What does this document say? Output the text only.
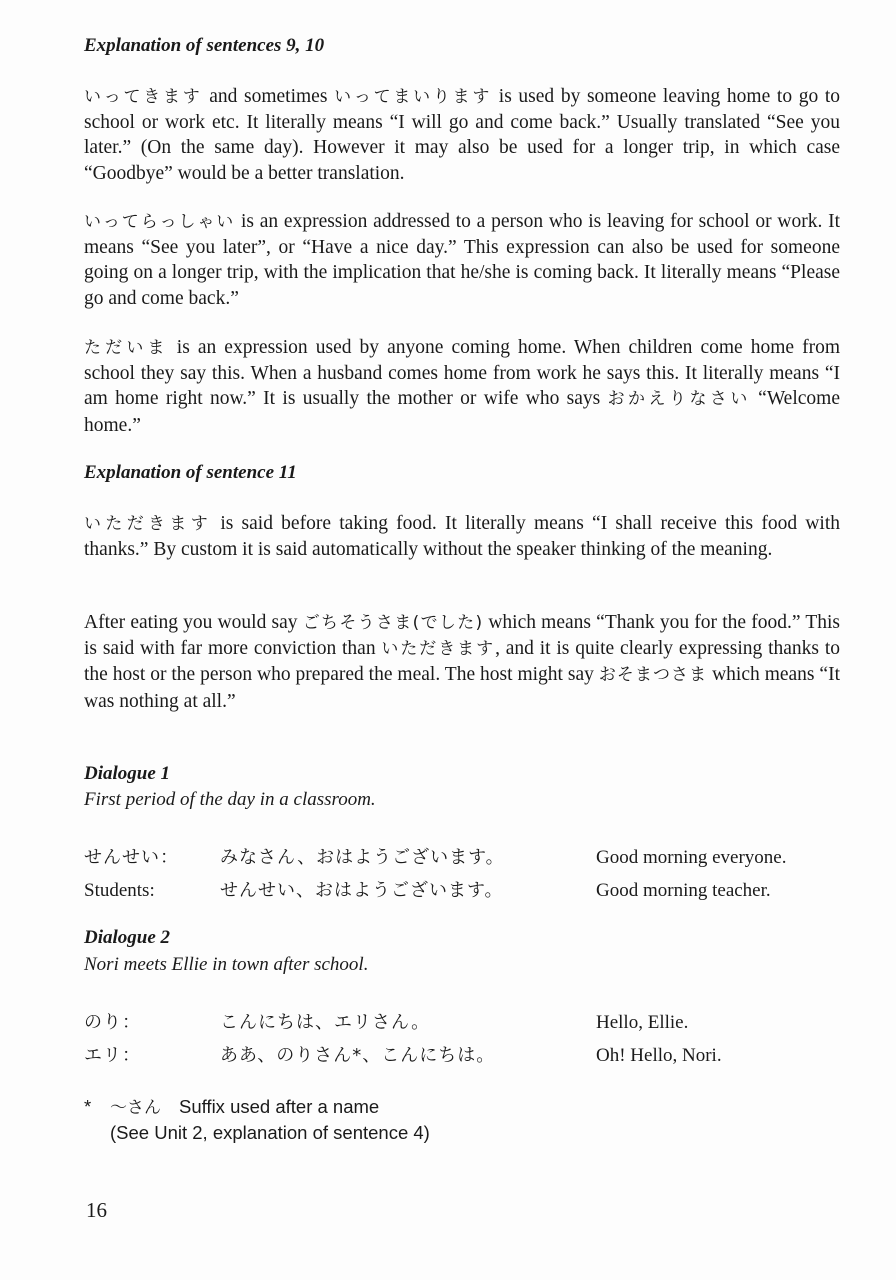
Explanation of sentences 9, 10
いってきます and sometimes いってまいります is used by someone leaving home to go to school or work etc. It literally means “I will go and come back.” Usually translated “See you later.” (On the same day). However it may also be used for a longer trip, in which case “Goodbye” would be a better translation.
いってらっしゃい is an expression addressed to a person who is leaving for school or work. It means “See you later”, or “Have a nice day.” This expression can also be used for someone going on a longer trip, with the implication that he/she is coming back. It literally means “Please go and come back.”
ただいま is an expression used by anyone coming home. When children come home from school they say this. When a husband comes home from work he says this. It literally means “I am home right now.” It is usually the mother or wife who says おかえりなさい “Welcome home.”
Explanation of sentence 11
いただきます is said before taking food. It literally means “I shall receive this food with thanks.” By custom it is said automatically without the speaker thinking of the meaning.
After eating you would say ごちそうさま(でした) which means “Thank you for the food.” This is said with far more conviction than いただきます, and it is quite clearly expressing thanks to the host or the person who prepared the meal. The host might say おそまつさま which means “It was nothing at all.”
Dialogue 1
First period of the day in a classroom.
せんせい： みなさん、おはようございます。	Good morning everyone.
Students:	せんせい、おはようございます。	Good morning teacher.
Dialogue 2
Nori meets Ellie in town after school.
のり：	こんにちは、エリさん。	Hello, Ellie.
エリ：	ああ、のりさん*、こんにちは。	Oh! Hello, Nori.
* ～さん Suffix used after a name
(See Unit 2, explanation of sentence 4)
16
